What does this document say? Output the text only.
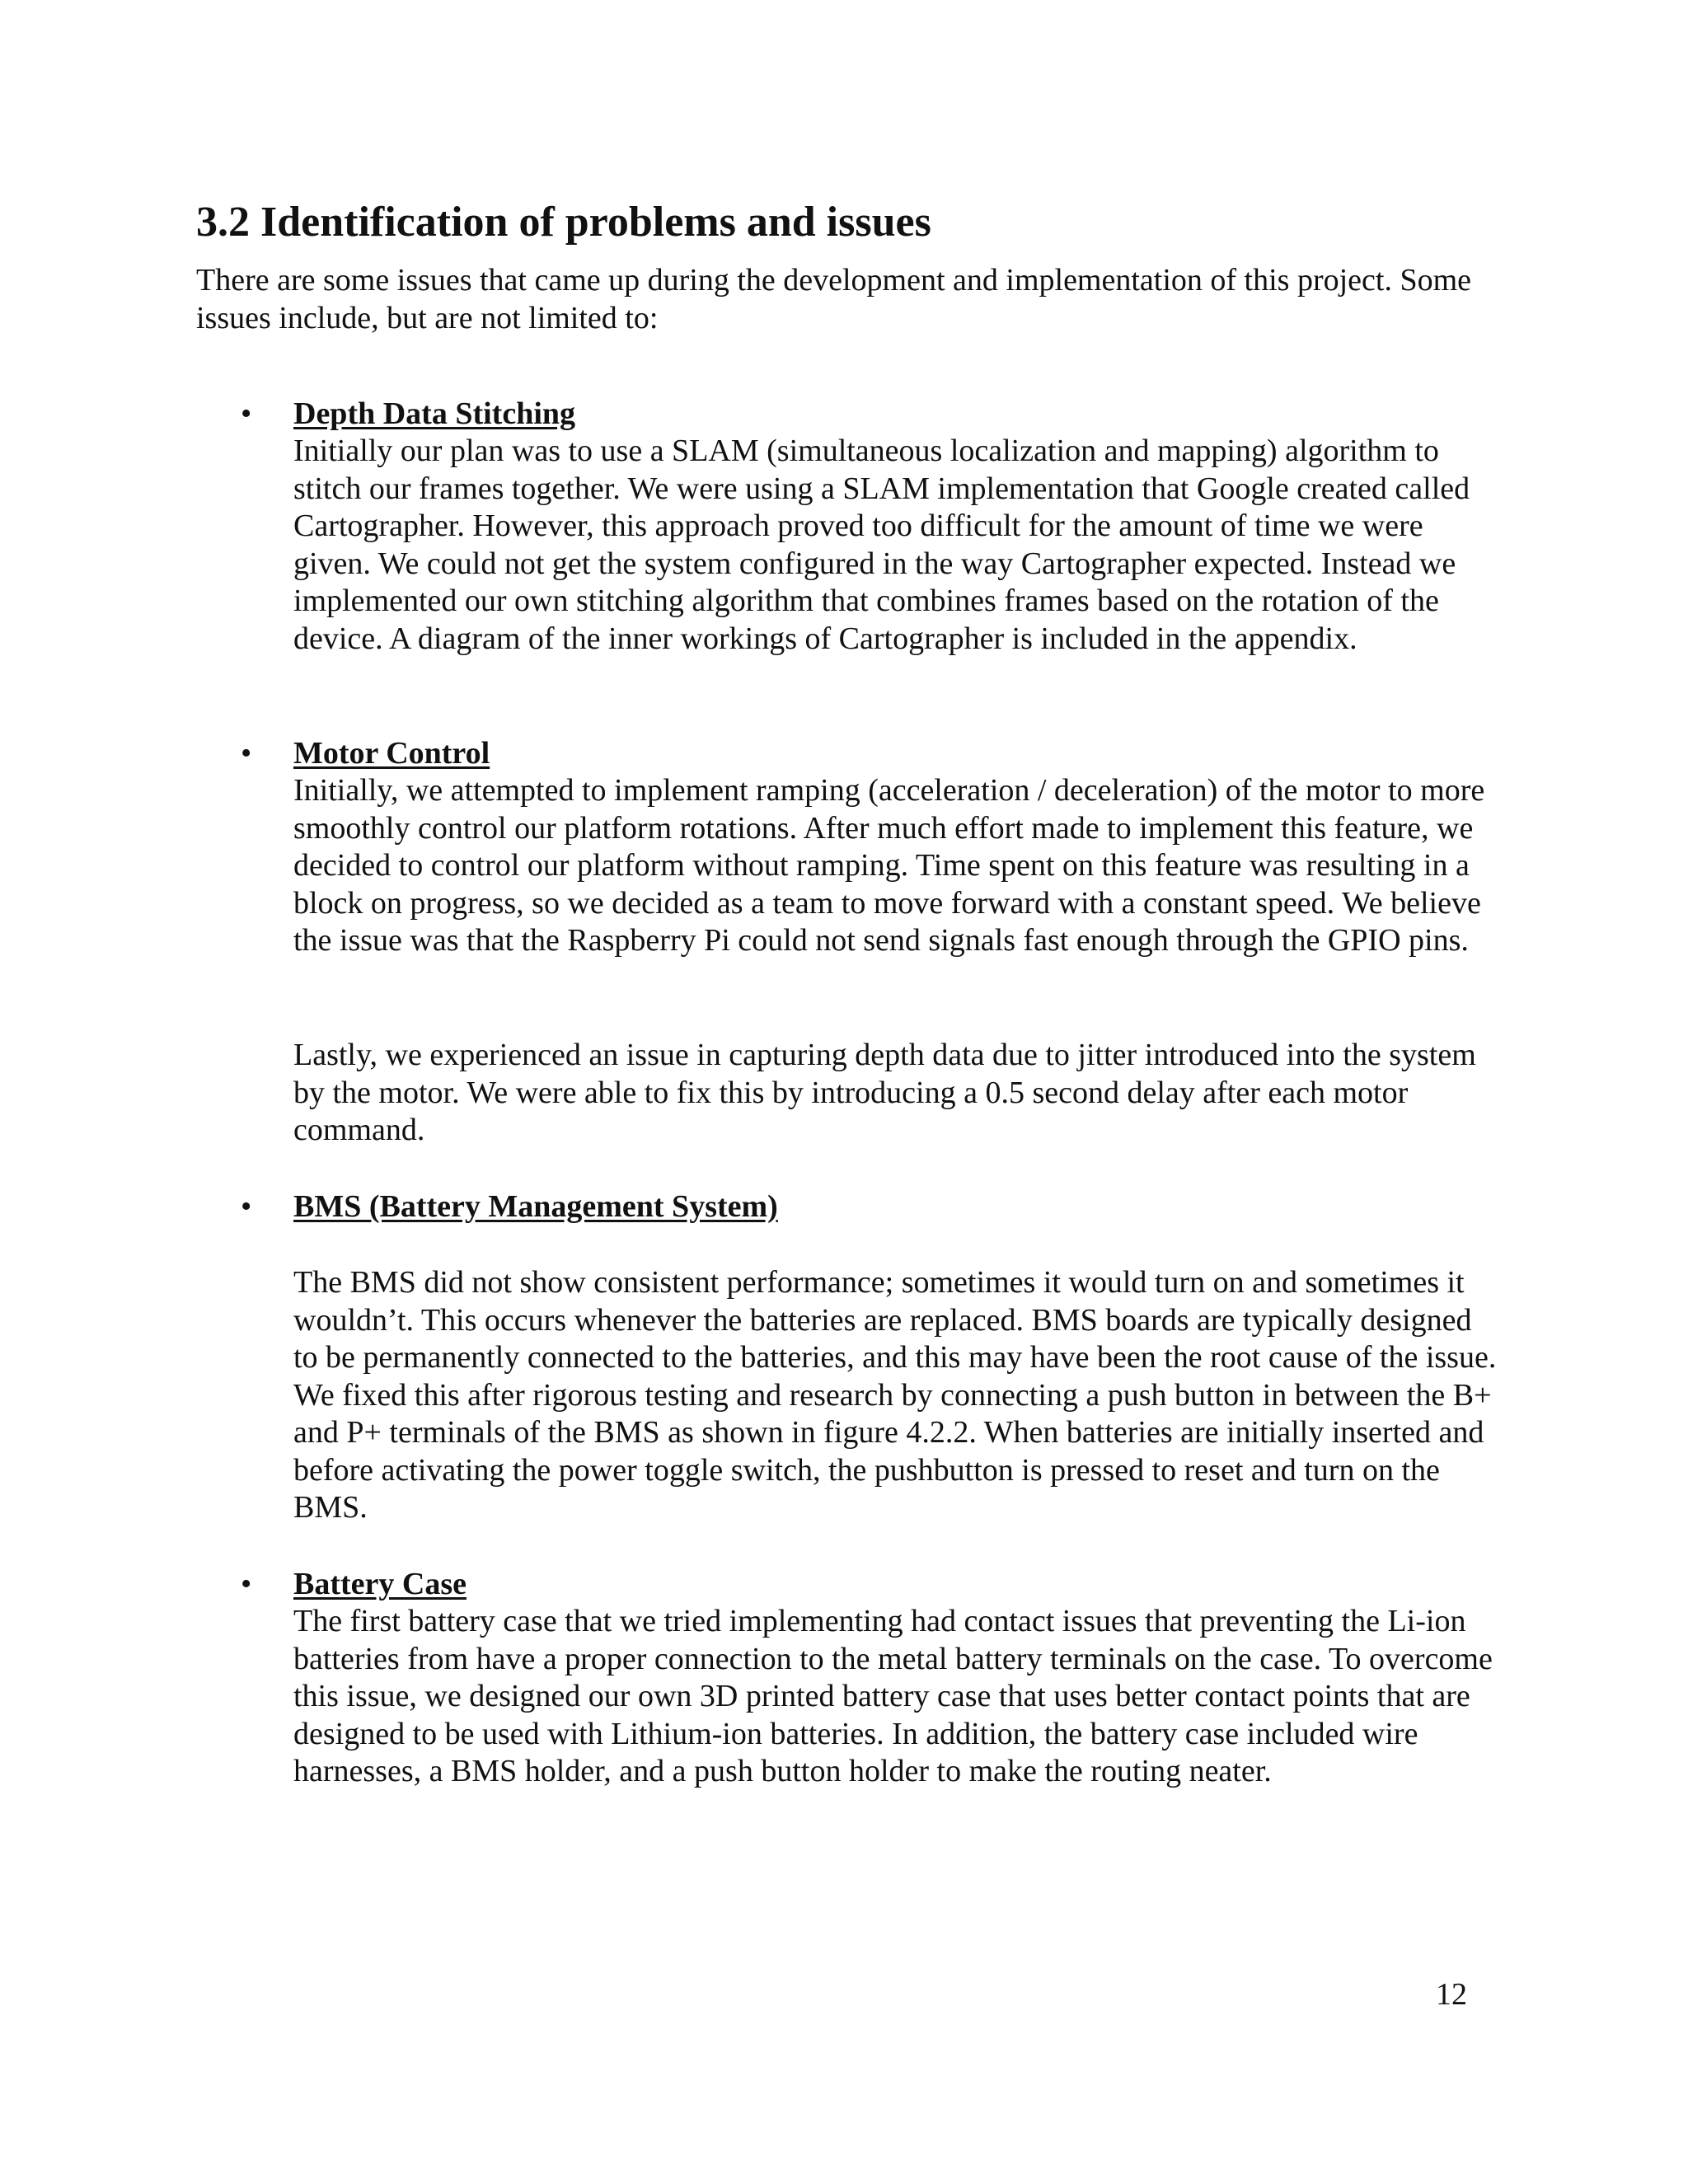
3.2 Identification of problems and issues

There are some issues that came up during the development and implementation of this project. Some issues include, but are not limited to:

• Depth Data Stitching

Initially our plan was to use a SLAM (simultaneous localization and mapping) algorithm to stitch our frames together. We were using a SLAM implementation that Google created called Cartographer. However, this approach proved too difficult for the amount of time we were given. We could not get the system configured in the way Cartographer expected. Instead we implemented our own stitching algorithm that combines frames based on the rotation of the device. A diagram of the inner workings of Cartographer is included in the appendix.

• Motor Control

Initially, we attempted to implement ramping (acceleration / deceleration) of the motor to more smoothly control our platform rotations. After much effort made to implement this feature, we decided to control our platform without ramping. Time spent on this feature was resulting in a block on progress, so we decided as a team to move forward with a constant speed. We believe the issue was that the Raspberry Pi could not send signals fast enough through the GPIO pins.

Lastly, we experienced an issue in capturing depth data due to jitter introduced into the system by the motor. We were able to fix this by introducing a 0.5 second delay after each motor command.

• BMS (Battery Management System)

The BMS did not show consistent performance; sometimes it would turn on and sometimes it wouldn’t. This occurs whenever the batteries are replaced. BMS boards are typically designed to be permanently connected to the batteries, and this may have been the root cause of the issue. We fixed this after rigorous testing and research by connecting a push button in between the B+ and P+ terminals of the BMS as shown in figure 4.2.2. When batteries are initially inserted and before activating the power toggle switch, the pushbutton is pressed to reset and turn on the BMS.

• Battery Case

The first battery case that we tried implementing had contact issues that preventing the Li-ion batteries from have a proper connection to the metal battery terminals on the case. To overcome this issue, we designed our own 3D printed battery case that uses better contact points that are designed to be used with Lithium-ion batteries. In addition, the battery case included wire harnesses, a BMS holder, and a push button holder to make the routing neater.

12
